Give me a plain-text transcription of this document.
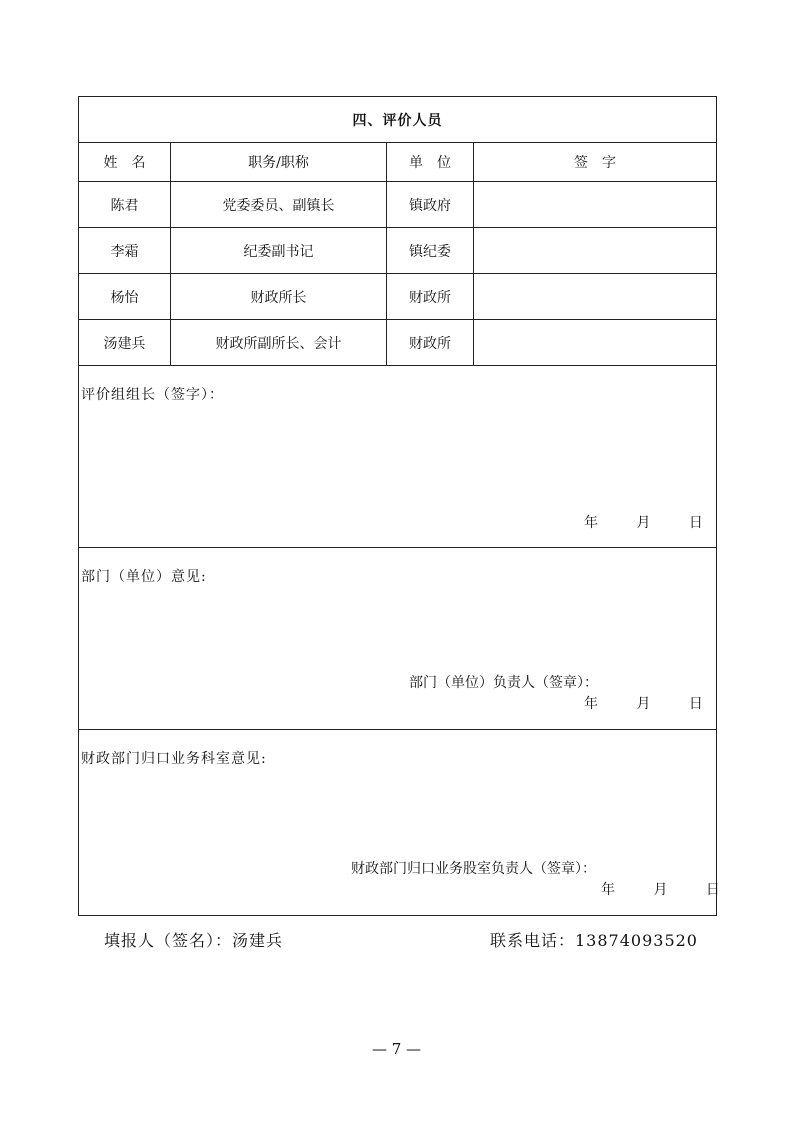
四、评价人员			
姓　名	职务/职称	单　位	签　字
陈君	党委委员、副镇长	镇政府	
李霜	纪委副书记	镇纪委	
杨怡	财政所长	财政所	
汤建兵	财政所副所长、会计	财政所	

评价组组长（签字）：
年 月 日			

部门（单位）意见:
部门（单位）负责人（签章）：
年 月 日			

财政部门归口业务科室意见:
财政部门归口业务股室负责人（签章）：
年 月 日			
填报人（签名）：汤建兵	联系电话：13874093520
— 7 —
